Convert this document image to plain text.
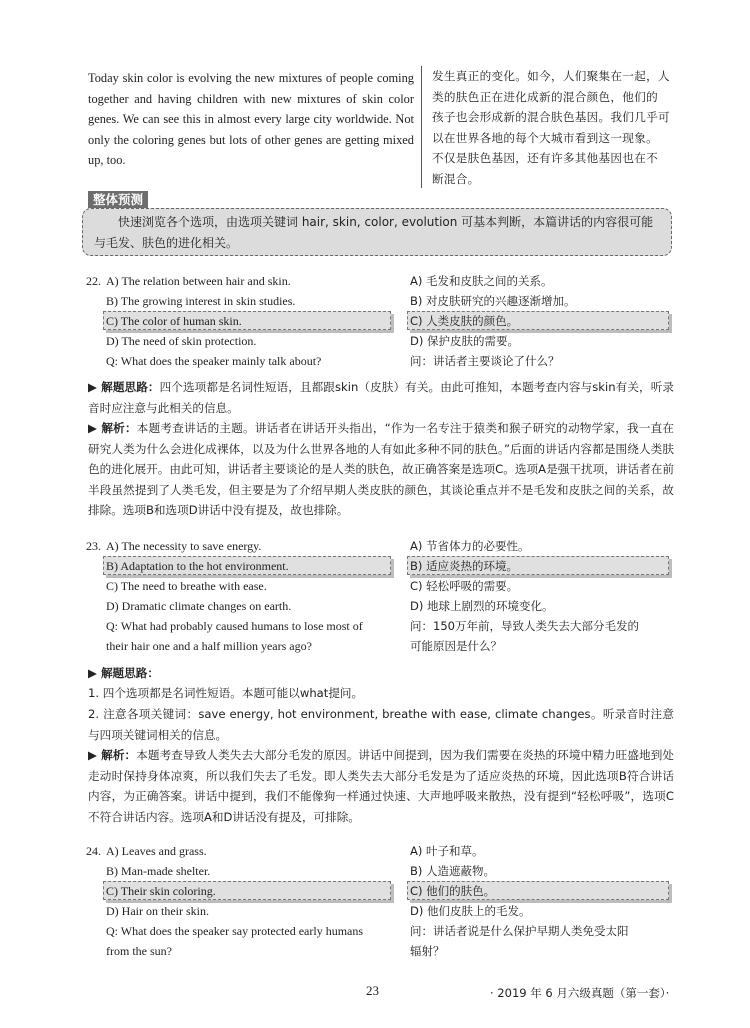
Today skin color is evolving the new mixtures of people coming together and having children with new mixtures of skin color genes. We can see this in almost every large city worldwide. Not only the coloring genes but lots of other genes are getting mixed up, too.
发生真正的变化。如今，人们聚集在一起，人
类的肤色正在进化成新的混合颜色，他们的
孩子也会形成新的混合肤色基因。我们几乎可
以在世界各地的每个大城市看到这一现象。
不仅是肤色基因，还有许多其他基因也在不
断混合。
整体预测
快速浏览各个选项，由选项关键词 hair, skin, color, evolution 可基本判断，本篇讲话的内容很可能与毛发、肤色的进化相关。
22. A) The relation between hair and skin.
B) The growing interest in skin studies.
C) The color of human skin.
D) The need of skin protection.
Q: What does the speaker mainly talk about?
A) 毛发和皮肤之间的关系。
B) 对皮肤研究的兴趣逐渐增加。
C) 人类皮肤的颜色。
D) 保护皮肤的需要。
问：讲话者主要谈论了什么？
▶ 解题思路：四个选项都是名词性短语，且都跟skin（皮肤）有关。由此可推知，本题考查内容与skin有关，听录音时应注意与此相关的信息。
▶ 解析：本题考查讲话的主题。讲话者在讲话开头指出，“作为一名专注于猿类和猴子研究的动物学家，我一直在研究人类为什么会进化成裸体，以及为什么世界各地的人有如此多种不同的肤色。”后面的讲话内容都是围绕人类肤色的进化展开。由此可知，讲话者主要谈论的是人类的肤色，故正确答案是选项C。选项A是强干扰项，讲话者在前半段虽然提到了人类毛发，但主要是为了介绍早期人类皮肤的颜色，其谈论重点并不是毛发和皮肤之间的关系，故排除。选项B和选项D讲话中没有提及，故也排除。
23. A) The necessity to save energy.
B) Adaptation to the hot environment.
C) The need to breathe with ease.
D) Dramatic climate changes on earth.
Q: What had probably caused humans to lose most of
their hair one and a half million years ago?
A) 节省体力的必要性。
B) 适应炎热的环境。
C) 轻松呼吸的需要。
D) 地球上剧烈的环境变化。
问：150万年前，导致人类失去大部分毛发的
可能原因是什么？
▶ 解题思路：
1. 四个选项都是名词性短语。本题可能以what提问。
2. 注意各项关键词：save energy, hot environment, breathe with ease, climate changes。听录音时注意与四项关键词相关的信息。
▶ 解析：本题考查导致人类失去大部分毛发的原因。讲话中间提到，因为我们需要在炎热的环境中精力旺盛地到处走动时保持身体凉爽，所以我们失去了毛发。即人类失去大部分毛发是为了适应炎热的环境，因此选项B符合讲话内容，为正确答案。讲话中提到，我们不能像狗一样通过快速、大声地呼吸来散热，没有提到“轻松呼吸”，选项C不符合讲话内容。选项A和D讲话没有提及，可排除。
24. A) Leaves and grass.
B) Man-made shelter.
C) Their skin coloring.
D) Hair on their skin.
Q: What does the speaker say protected early humans
from the sun?
A) 叶子和草。
B) 人造遮蔽物。
C) 他们的肤色。
D) 他们皮肤上的毛发。
问：讲话者说是什么保护早期人类免受太阳
辐射？
23	· 2019 年 6 月六级真题（第一套）·
